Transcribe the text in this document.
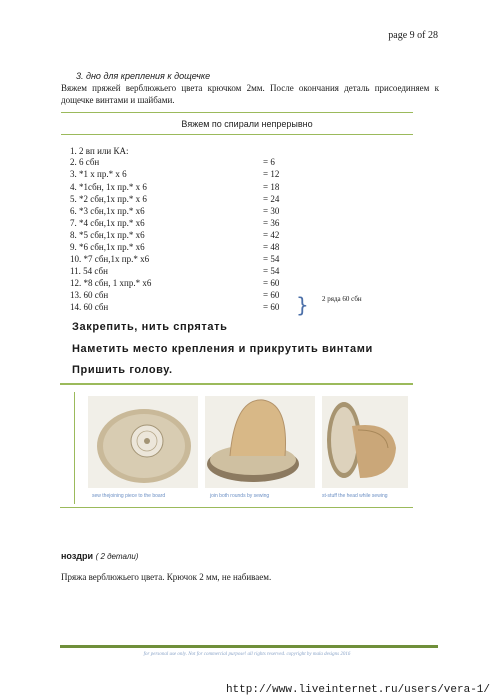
page 9 of 28
3. дно для крепления к дощечке
Вяжем пряжей верблюжьего цвета крючком 2мм. После окончания деталь присоединяем к дощечке винтами и шайбами.
Вяжем по спирали непрерывно
1. 2 вп или КА:
2. 6 сбн	= 6
3. *1 х пр.* х 6	= 12
4. *1сбн, 1х пр.* х 6	= 18
5. *2 сбн,1х пр.* х 6	= 24
6. *3 сбн,1х пр.* х6	= 30
7. *4 сбн,1х пр.* х6	= 36
8. *5 сбн,1х пр.* х6	= 42
9. *6 сбн,1х пр.* х6	= 48
10. *7 сбн,1х пр.* х6	= 54
11. 54 сбн	= 54
12. *8 сбн, 1 хпр.* х6	= 60
13. 60 сбн	= 60
14. 60 сбн	= 60 } 2 ряда 60 сбн
Закрепить, нить спрятать
Наметить место крепления и прикрутить винтами
Пришить голову.
sew thejoining piece to the board	join both rounds by sewing	st-stuff the head while sewing
ноздри ( 2 детали)
Пряжа верблюжьего цвета. Крючок 2 мм, не набиваем.
for personal use only. Not for commercial purpose! all rights reserved. copyright by mala designs 2016
http://www.liveinternet.ru/users/vera-1/
